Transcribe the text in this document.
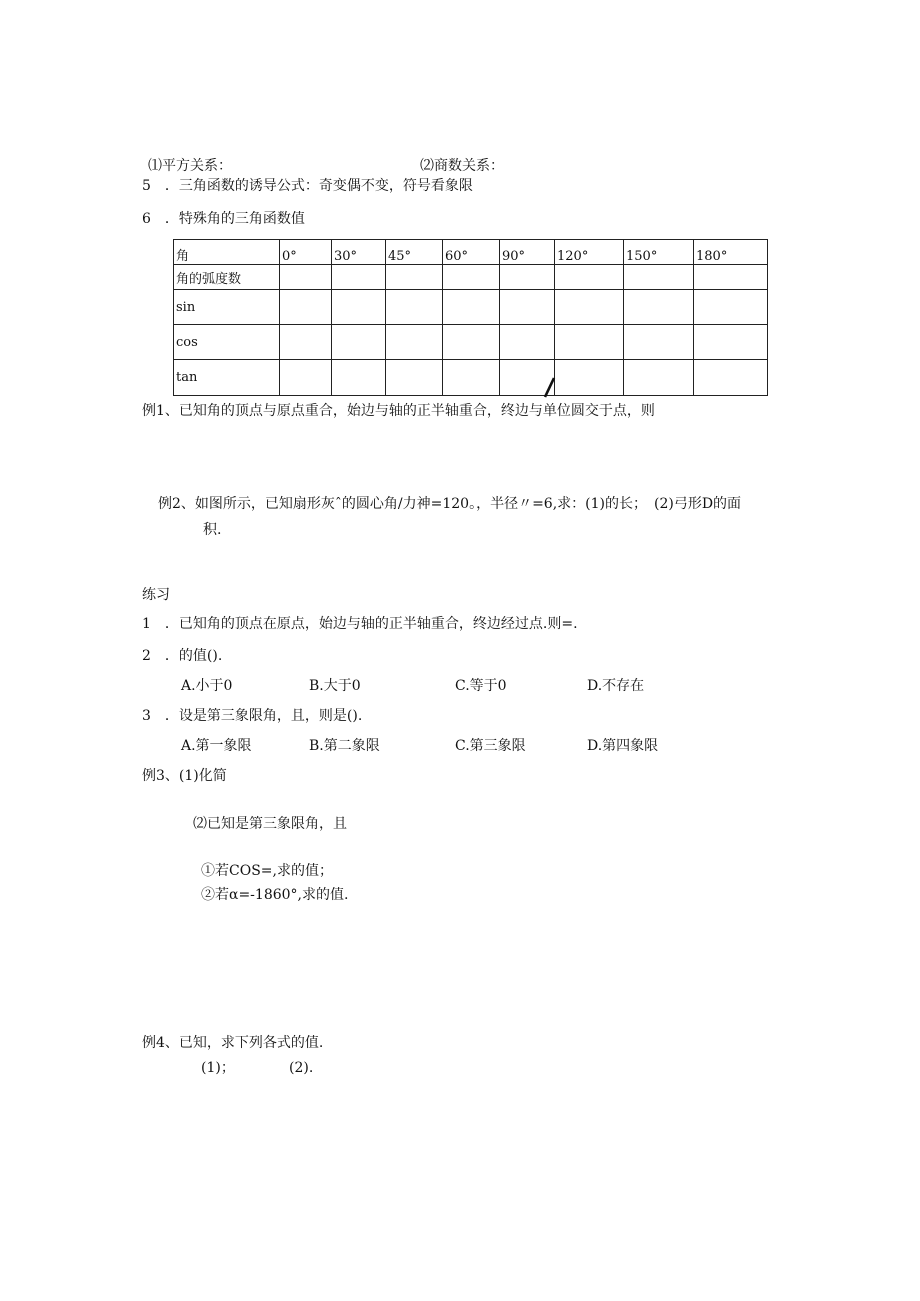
⑴平方关系：	⑵商数关系：
5　．三角函数的诱导公式：奇变偶不变，符号看象限
6　．特殊角的三角函数值
角	0°	30°	45°	60°	90°	120°	150°	180°
角的弧度数								
sin								
cos								
tan								
例1、已知角的顶点与原点重合，始边与轴的正半轴重合，终边与单位圆交于点，则
例2、如图所示，已知扇形灰ˆ的圆心角/力神=120。，半径〃=6,求：(1)的长；　(2)弓形D的面
积.
练习
1　．已知角的顶点在原点，始边与轴的正半轴重合，终边经过点.则=.
2　．的值().
A.小于0	B.大于0	C.等于0	D.不存在
3　．设是第三象限角，且，则是().
A.第一象限	B.第二象限	C.第三象限	D.第四象限
例3、(1)化简
⑵已知是第三象限角，且
①若COS=,求的值；
②若α=-1860°,求的值.
例4、已知，求下列各式的值.
(1)；	(2).
